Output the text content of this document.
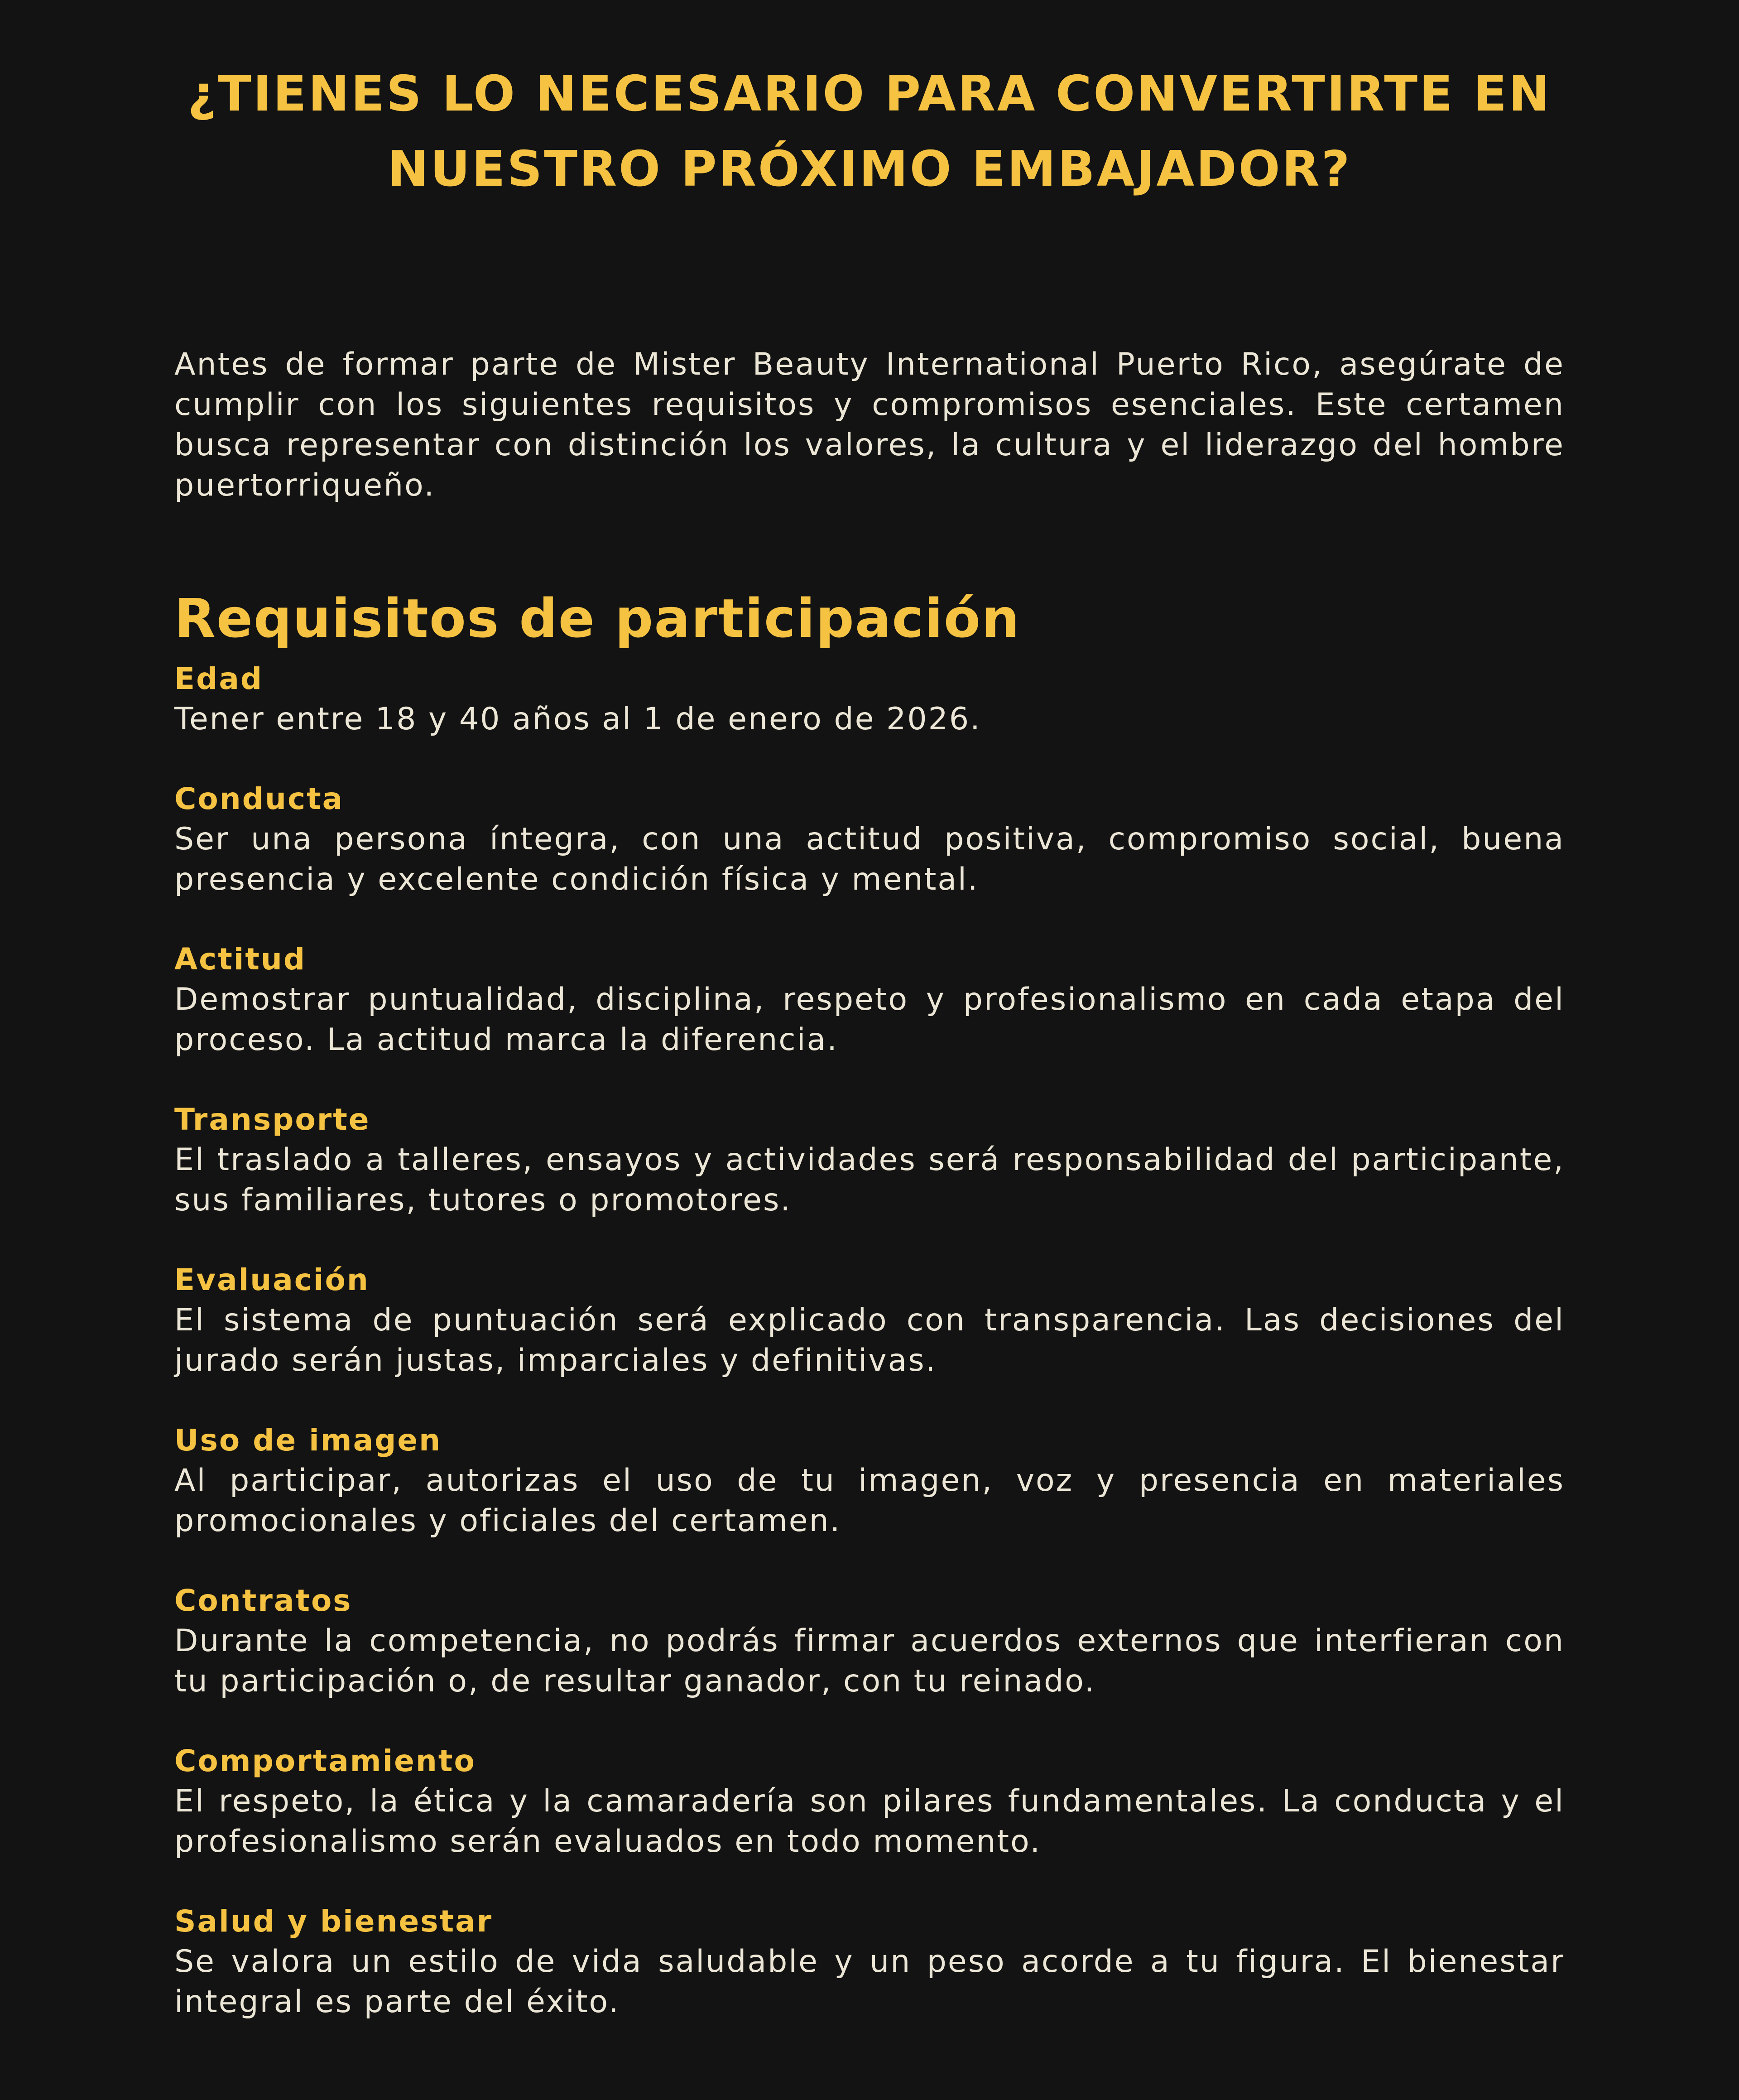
¿TIENES LO NECESARIO PARA CONVERTIRTE EN NUESTRO PRÓXIMO EMBAJADOR?

Antes de formar parte de Mister Beauty International Puerto Rico, asegúrate de cumplir con los siguientes requisitos y compromisos esenciales. Este certamen busca representar con distinción los valores, la cultura y el liderazgo del hombre puertorriqueño.

Requisitos de participación
Edad

Tener entre 18 y 40 años al 1 de enero de 2026.

Conducta

Ser una persona íntegra, con una actitud positiva, compromiso social, buena presencia y excelente condición física y mental.

Actitud

Demostrar puntualidad, disciplina, respeto y profesionalismo en cada etapa del proceso. La actitud marca la diferencia.

Transporte

El traslado a talleres, ensayos y actividades será responsabilidad del participante, sus familiares, tutores o promotores.

Evaluación

El sistema de puntuación será explicado con transparencia. Las decisiones del jurado serán justas, imparciales y definitivas.

Uso de imagen

Al participar, autorizas el uso de tu imagen, voz y presencia en materiales promocionales y oficiales del certamen.

Contratos

Durante la competencia, no podrás firmar acuerdos externos que interfieran con tu participación o, de resultar ganador, con tu reinado.

Comportamiento

El respeto, la ética y la camaradería son pilares fundamentales. La conducta y el profesionalismo serán evaluados en todo momento.

Salud y bienestar

Se valora un estilo de vida saludable y un peso acorde a tu figura. El bienestar integral es parte del éxito.
